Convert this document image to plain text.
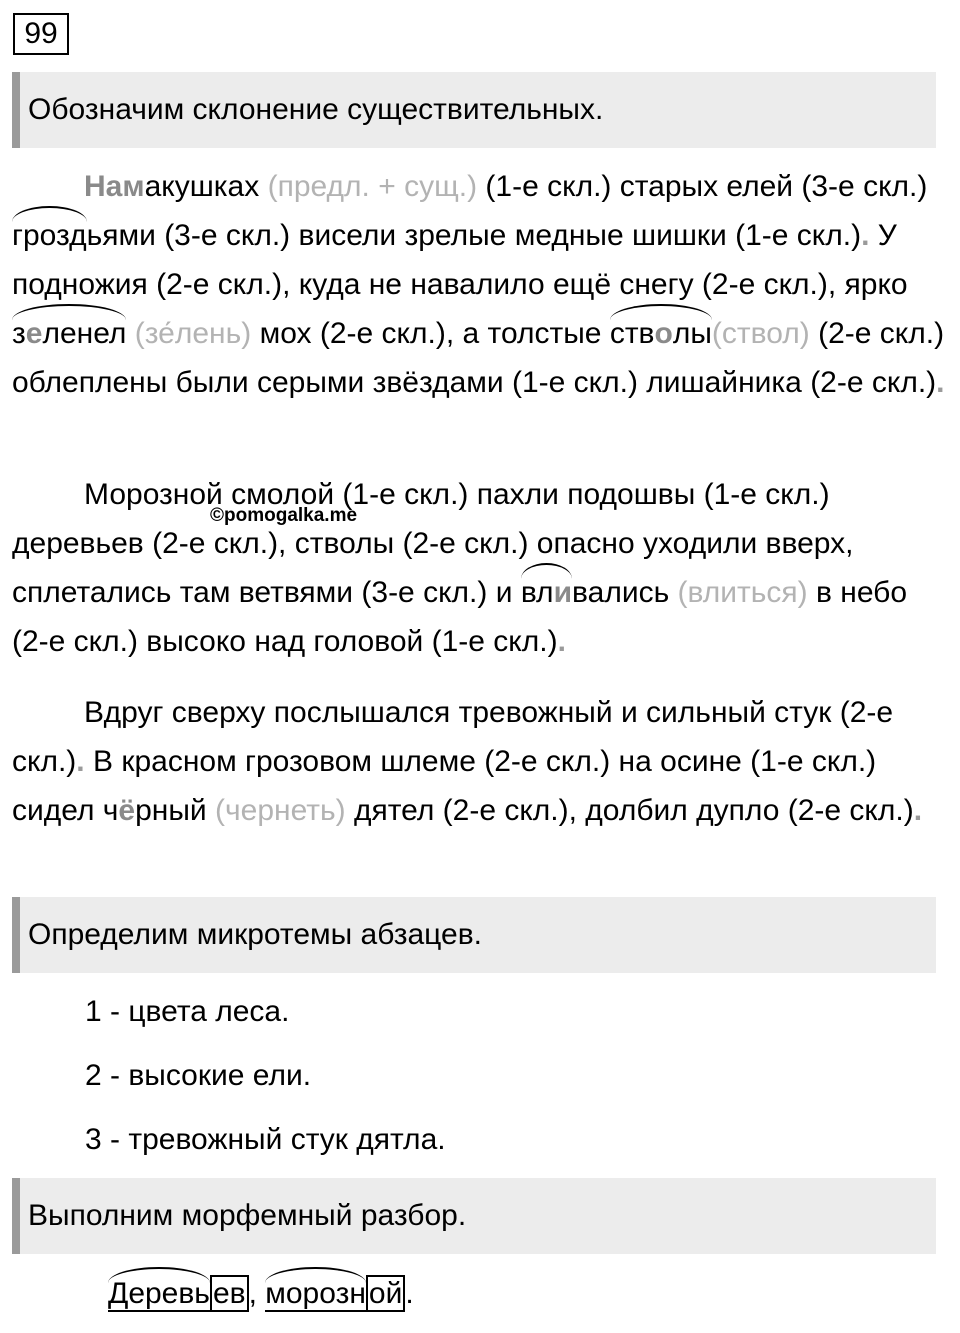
99
Обозначим склонение существительных.
Намакушках (предл. + сущ.) (1-е скл.) старых елей (3-е скл.) гроздьями (3-е скл.) висели зрелые медные шишки (1-е скл.). У подножия (2-е скл.), куда не навалило ещё снегу (2-е скл.), ярко зеленел (зе́лень) мох (2-е скл.), а толстые стволы(ствол) (2-е скл.) облеплены были серыми звёздами (1-е скл.) лишайника (2-е скл.).
©pomogalka.me
Морозной смолой (1-е скл.) пахли подошвы (1-е скл.) деревьев (2-е скл.), стволы (2-е скл.) опасно уходили вверх, сплетались там ветвями (3-е скл.) и вливались (влиться) в небо (2-е скл.) высоко над головой (1-е скл.).
Вдруг сверху послышался тревожный и сильный стук (2-е скл.). В красном грозовом шлеме (2-е скл.) на осине (1-е скл.) сидел чёрный (чернеть) дятел (2-е скл.), долбил дупло (2-е скл.).
Определим микротемы абзацев.
1 - цвета леса.
2 - высокие ели.
3 - тревожный стук дятла.
Выполним морфемный разбор.
Деревь ев , морозн ой .
